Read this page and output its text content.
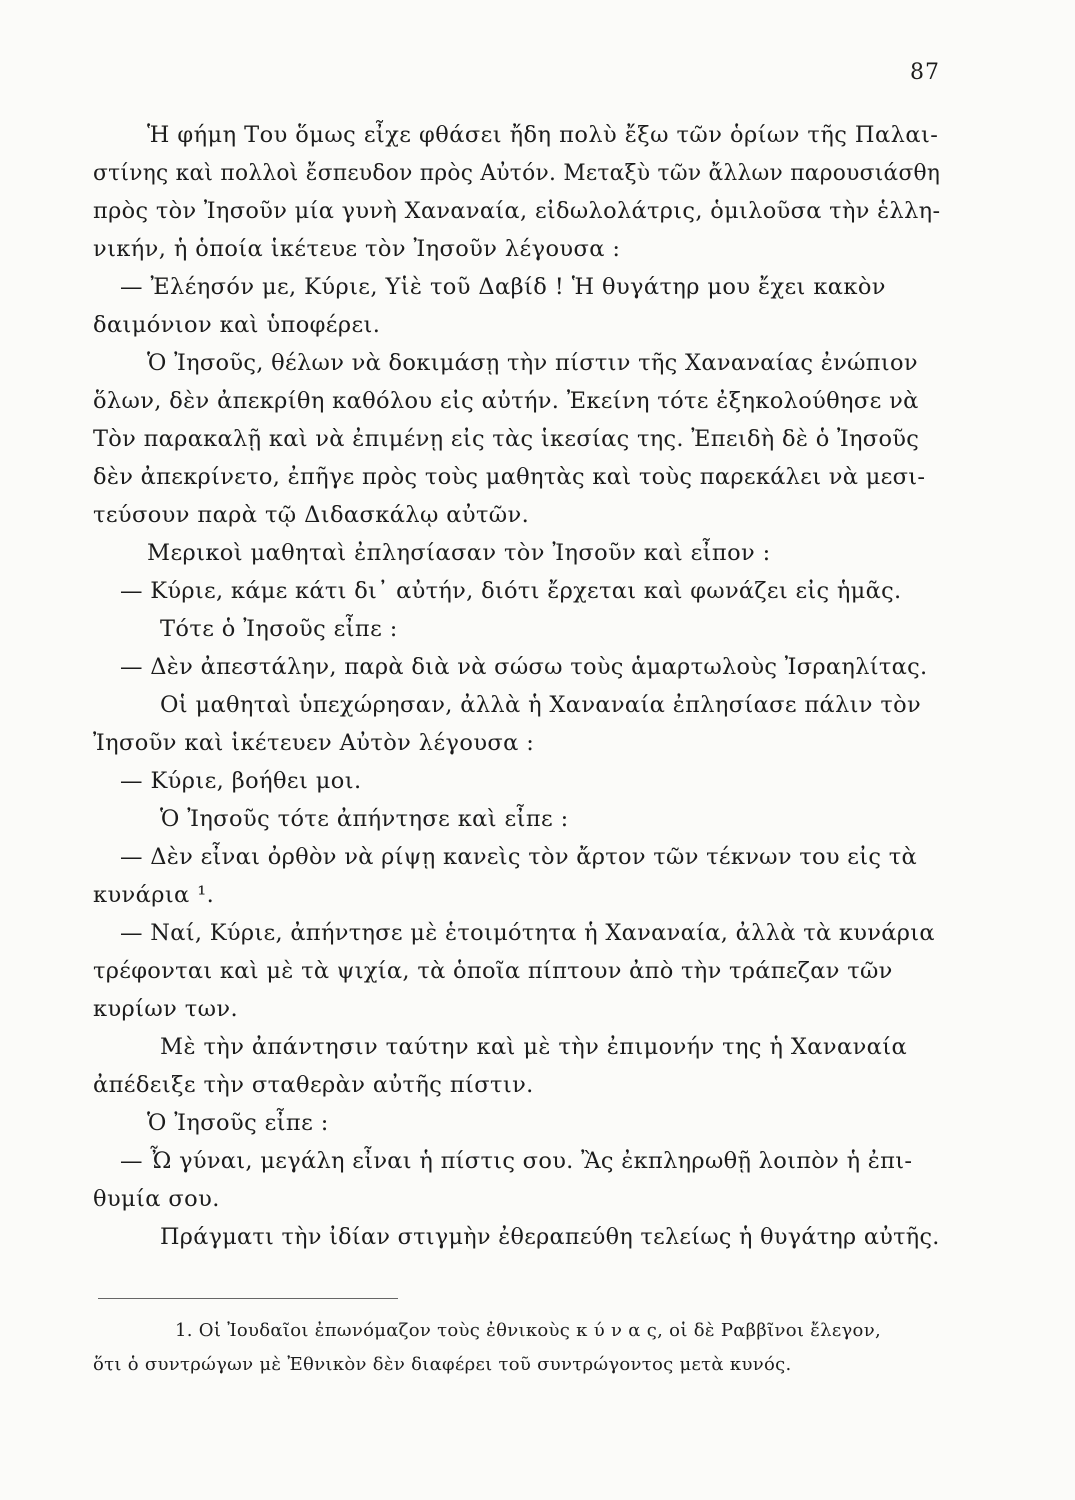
87
Ἡ φήμη Του ὅμως εἶχε φθάσει ἤδη πολὺ ἔξω τῶν ὁρίων τῆς Παλαι-
στίνης καὶ πολλοὶ ἔσπευδον πρὸς Αὐτόν. Μεταξὺ τῶν ἄλλων παρουσιάσθη
πρὸς τὸν Ἰησοῦν μία γυνὴ Χαναναία, εἰδωλολάτρις, ὁμιλοῦσα τὴν ἑλλη-
νικήν, ἡ ὁποία ἱκέτευε τὸν Ἰησοῦν λέγουσα :
— Ἐλέησόν με, Κύριε, Υἱὲ τοῦ Δαβίδ ! Ἡ θυγάτηρ μου ἔχει κακὸν
δαιμόνιον καὶ ὑποφέρει.
Ὁ Ἰησοῦς, θέλων νὰ δοκιμάσῃ τὴν πίστιν τῆς Χαναναίας ἐνώπιον
ὅλων, δὲν ἀπεκρίθη καθόλου εἰς αὐτήν. Ἐκείνη τότε ἐξηκολούθησε νὰ
Τὸν παρακαλῇ καὶ νὰ ἐπιμένῃ εἰς τὰς ἱκεσίας της. Ἐπειδὴ δὲ ὁ Ἰησοῦς
δὲν ἀπεκρίνετο, ἐπῆγε πρὸς τοὺς μαθητὰς καὶ τοὺς παρεκάλει νὰ μεσι-
τεύσουν παρὰ τῷ Διδασκάλῳ αὐτῶν.
Μερικοὶ μαθηταὶ ἐπλησίασαν τὸν Ἰησοῦν καὶ εἶπον :
— Κύριε, κάμε κάτι δι᾿ αὐτήν, διότι ἔρχεται καὶ φωνάζει εἰς ἡμᾶς.
Τότε ὁ Ἰησοῦς εἶπε :
— Δὲν ἀπεστάλην, παρὰ διὰ νὰ σώσω τοὺς ἁμαρτωλοὺς Ἰσραηλίτας.
Οἱ μαθηταὶ ὑπεχώρησαν, ἀλλὰ ἡ Χαναναία ἐπλησίασε πάλιν τὸν
Ἰησοῦν καὶ ἱκέτευεν Αὐτὸν λέγουσα :
— Κύριε, βοήθει μοι.
Ὁ Ἰησοῦς τότε ἀπήντησε καὶ εἶπε :
— Δὲν εἶναι ὀρθὸν νὰ ρίψῃ κανεὶς τὸν ἄρτον τῶν τέκνων του εἰς τὰ
κυνάρια ¹.
— Ναί, Κύριε, ἀπήντησε μὲ ἑτοιμότητα ἡ Χαναναία, ἀλλὰ τὰ κυνάρια
τρέφονται καὶ μὲ τὰ ψιχία, τὰ ὁποῖα πίπτουν ἀπὸ τὴν τράπεζαν τῶν
κυρίων των.
Μὲ τὴν ἀπάντησιν ταύτην καὶ μὲ τὴν ἐπιμονήν της ἡ Χαναναία
ἀπέδειξε τὴν σταθερὰν αὐτῆς πίστιν.
Ὁ Ἰησοῦς εἶπε :
— Ὦ γύναι, μεγάλη εἶναι ἡ πίστις σου. Ἂς ἐκπληρωθῇ λοιπὸν ἡ ἐπι-
θυμία σου.
Πράγματι τὴν ἰδίαν στιγμὴν ἐθεραπεύθη τελείως ἡ θυγάτηρ αὐτῆς.
1. Οἱ Ἰουδαῖοι ἐπωνόμαζον τοὺς ἐθνικοὺς κ ύ ν α ς, οἱ δὲ Ραββῖνοι ἔλεγον,
ὅτι ὁ συντρώγων μὲ Ἐθνικὸν δὲν διαφέρει τοῦ συντρώγοντος μετὰ κυνός.
